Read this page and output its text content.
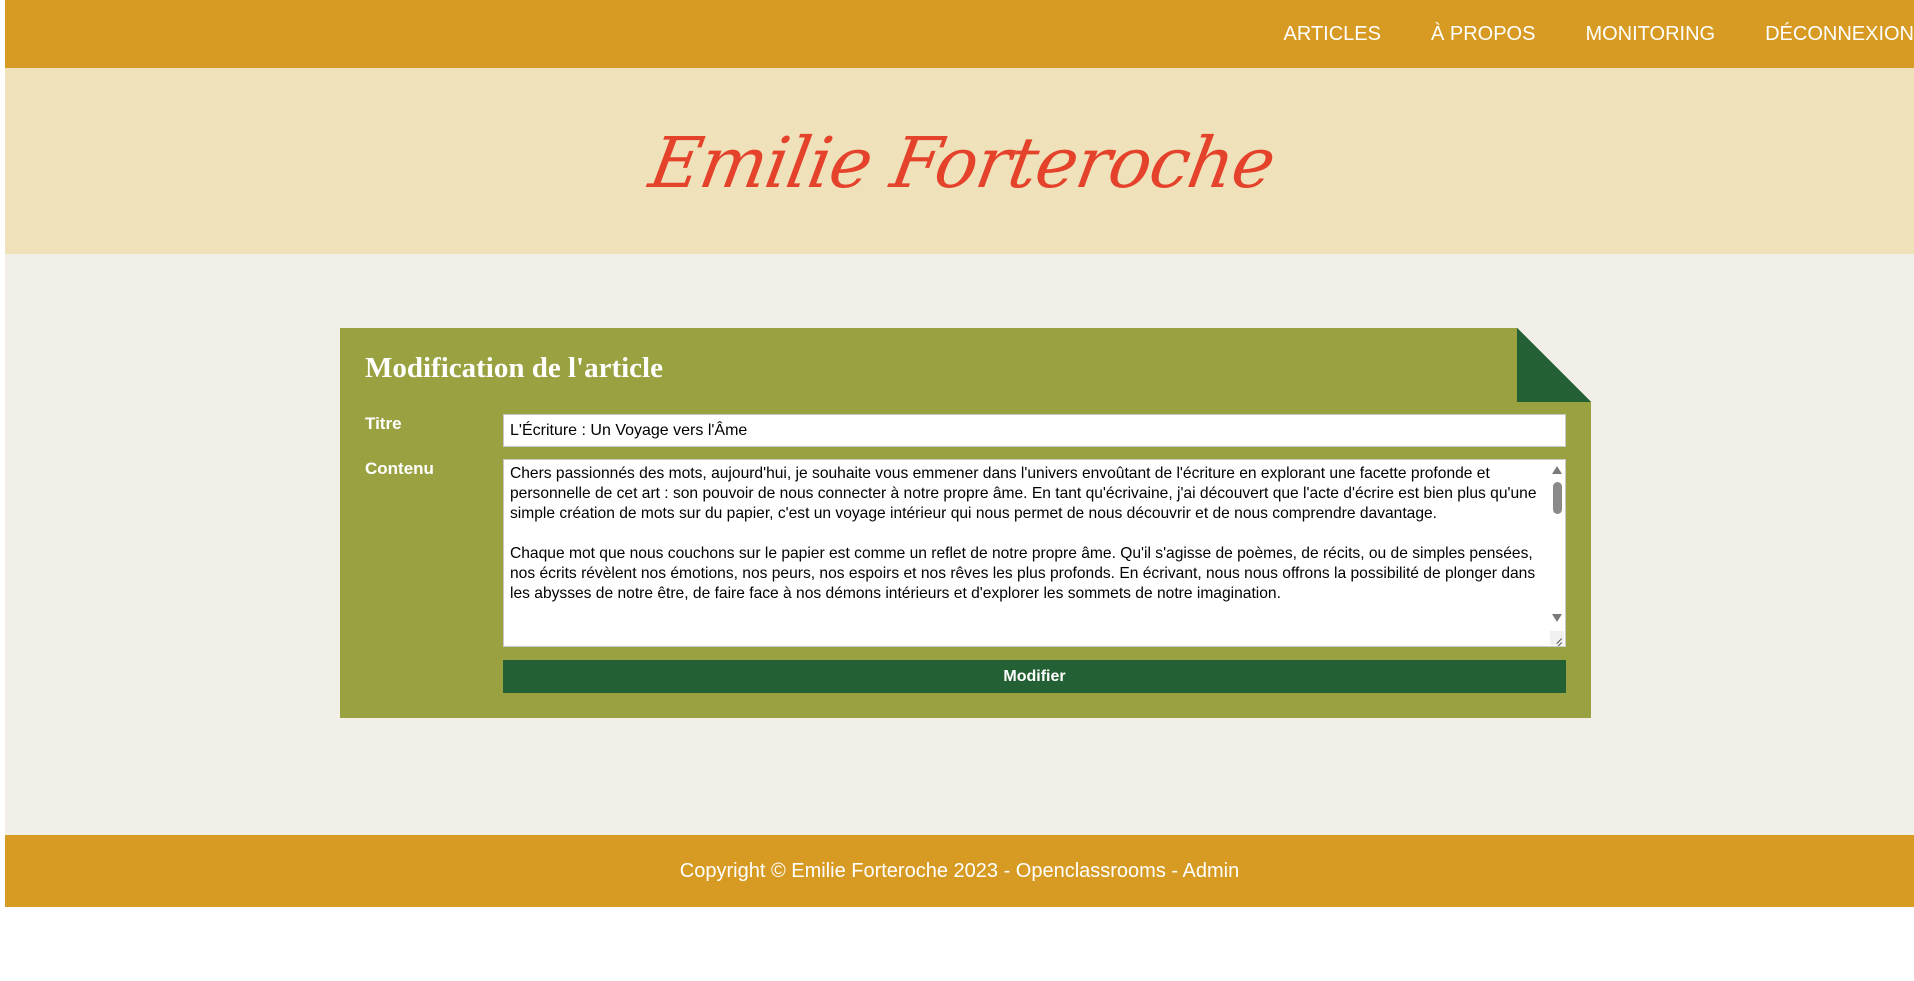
ARTICLES	À PROPOS	MONITORING	DÉCONNEXION
Emilie Forteroche
Modification de l'article
Titre	L'Écriture : Un Voyage vers l'Âme
Contenu	Chers passionnés des mots, aujourd'hui, je souhaite vous emmener dans l'univers envoûtant de l'écriture en explorant une facette profonde et personnelle de cet art : son pouvoir de nous connecter à notre propre âme. En tant qu'écrivaine, j'ai découvert que l'acte d'écrire est bien plus qu'une simple création de mots sur du papier, c'est un voyage intérieur qui nous permet de nous découvrir et de nous comprendre davantage.

Chaque mot que nous couchons sur le papier est comme un reflet de notre propre âme. Qu'il s'agisse de poèmes, de récits, ou de simples pensées, nos écrits révèlent nos émotions, nos peurs, nos espoirs et nos rêves les plus profonds. En écrivant, nous nous offrons la possibilité de plonger dans les abysses de notre être, de faire face à nos démons intérieurs et d'explorer les sommets de notre imagination.

Modifier
Copyright © Emilie Forteroche 2023 - Openclassrooms - Admin
